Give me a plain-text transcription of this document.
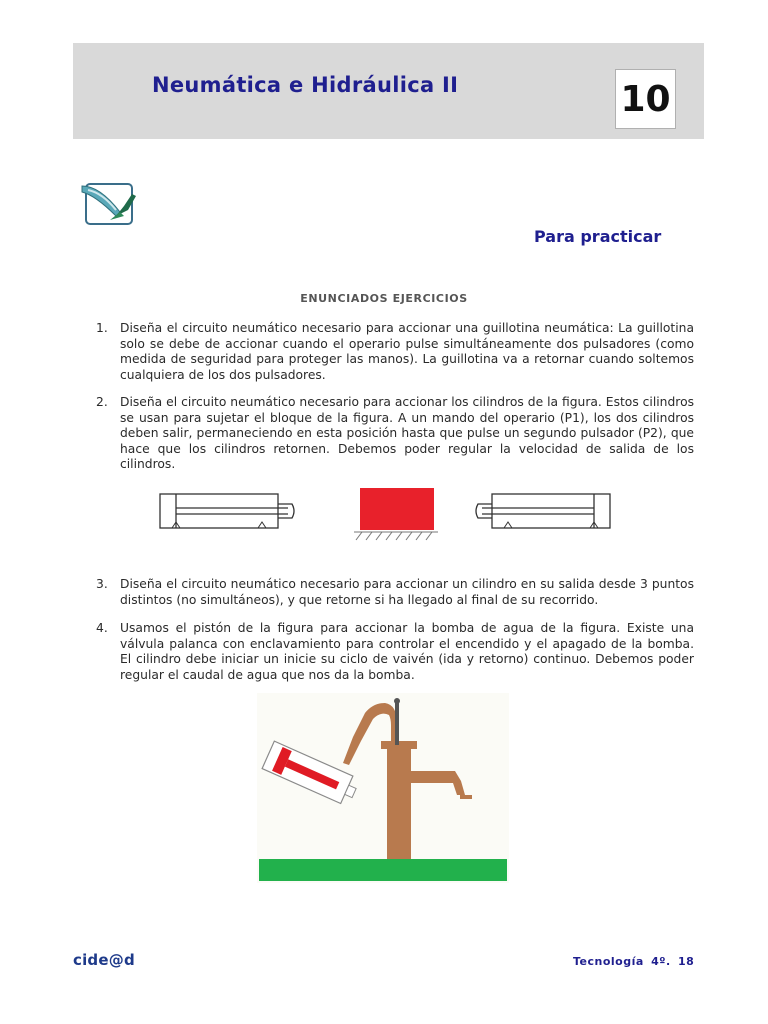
Neumática e Hidráulica II	10
Para practicar
ENUNCIADOS EJERCICIOS
1. Diseña el circuito neumático necesario para accionar una guillotina neumática: La guillotina solo se debe de accionar cuando el operario pulse simultáneamente dos pulsadores (como medida de seguridad para proteger las manos). La guillotina va a retornar cuando soltemos cualquiera de los dos pulsadores.
2. Diseña el circuito neumático necesario para accionar los cilindros de la figura. Estos cilindros se usan para sujetar el bloque de la figura. A un mando del operario (P1), los dos cilindros deben salir, permaneciendo en esta posición hasta que pulse un segundo pulsador (P2), que hace que los cilindros retornen. Debemos poder regular la velocidad de salida de los cilindros.
3. Diseña el circuito neumático necesario para accionar un cilindro en su salida desde 3 puntos distintos (no simultáneos), y que retorne si ha llegado al final de su recorrido.
4. Usamos el pistón de la figura para accionar la bomba de agua de la figura. Existe una válvula palanca con enclavamiento para controlar el encendido y el apagado de la bomba. El cilindro debe iniciar un inicie su ciclo de vaivén (ida y retorno) continuo. Debemos poder regular el caudal de agua que nos da la bomba.
cide@d	Tecnología 4º. 18
